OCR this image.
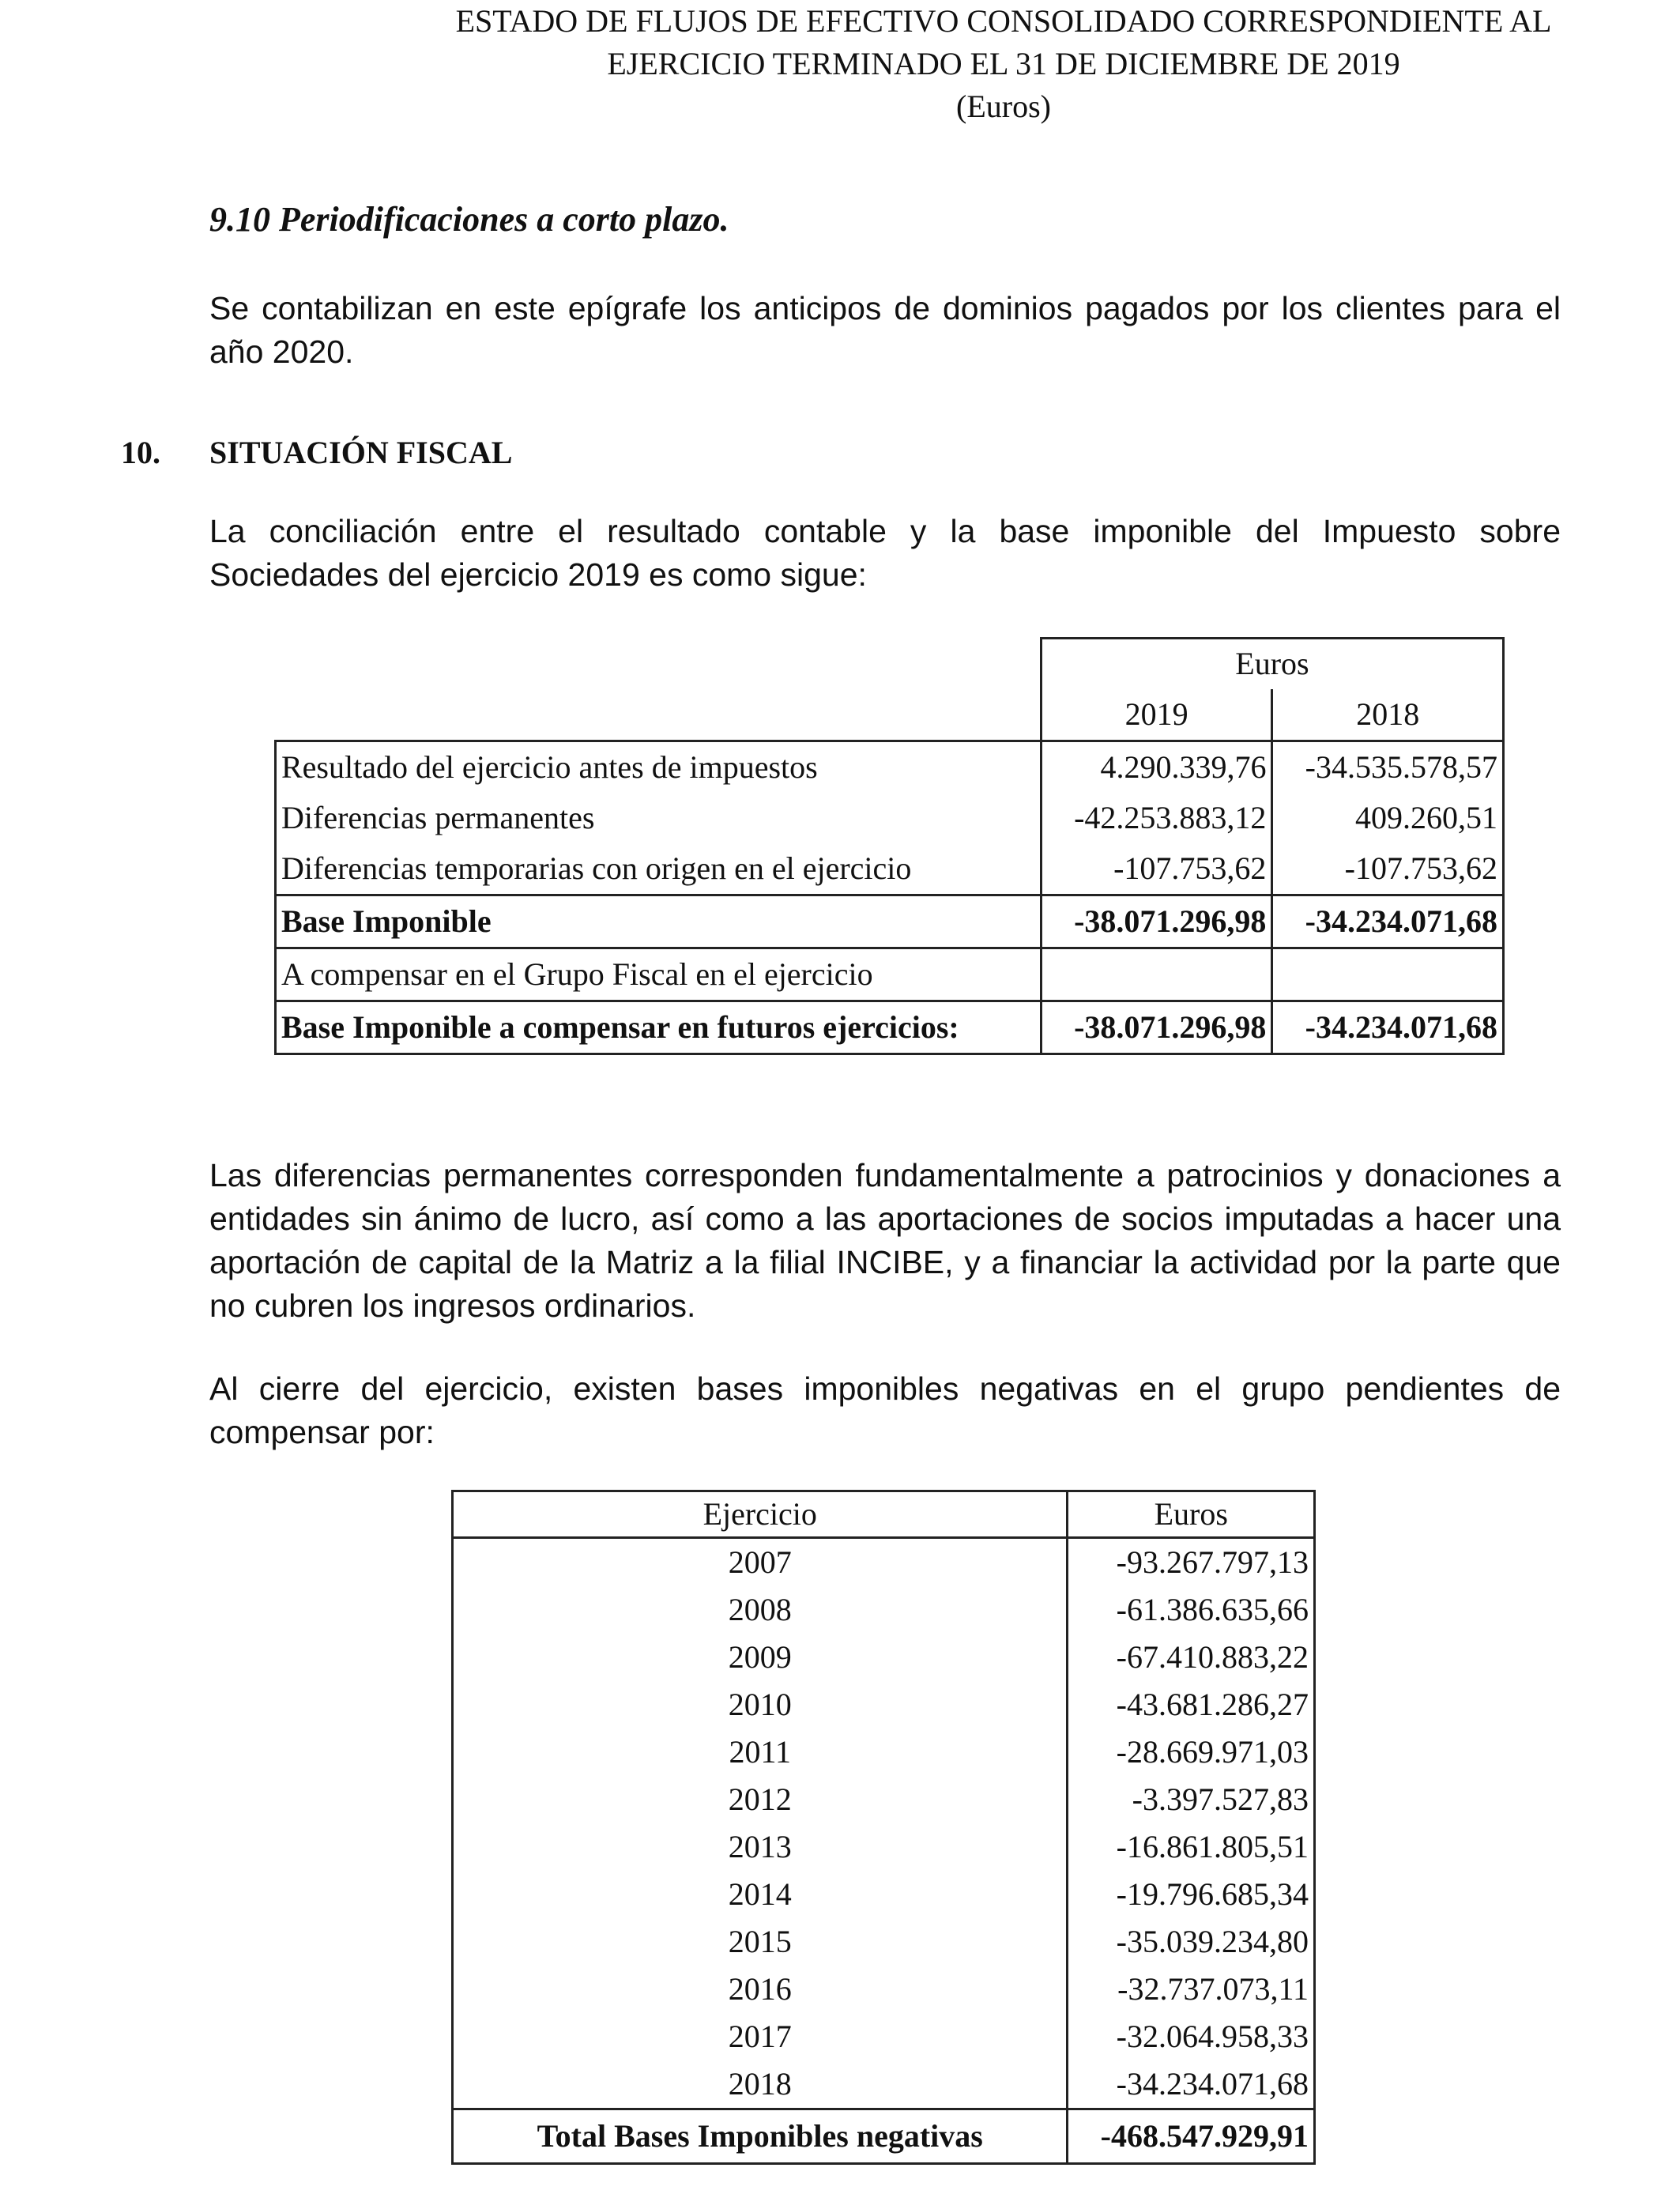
ESTADO DE FLUJOS DE EFECTIVO CONSOLIDADO CORRESPONDIENTE AL
EJERCICIO TERMINADO EL 31 DE DICIEMBRE DE 2019
(Euros)
9.10 Periodificaciones a corto plazo.
Se contabilizan en este epígrafe los anticipos de dominios pagados por los clientes para el año 2020.
10. SITUACIÓN FISCAL
La conciliación entre el resultado contable y la base imponible del Impuesto sobre Sociedades del ejercicio 2019 es como sigue:
	Euros	
	2019	2018
Resultado del ejercicio antes de impuestos	4.290.339,76	-34.535.578,57
Diferencias permanentes	-42.253.883,12	409.260,51
Diferencias temporarias con origen en el ejercicio	-107.753,62	-107.753,62
Base Imponible	-38.071.296,98	-34.234.071,68
A compensar en el Grupo Fiscal en el ejercicio		
Base Imponible a compensar en futuros ejercicios:	-38.071.296,98	-34.234.071,68
Las diferencias permanentes corresponden fundamentalmente a patrocinios y donaciones a entidades sin ánimo de lucro, así como a las aportaciones de socios imputadas a hacer una aportación de capital de la Matriz a la filial INCIBE, y a financiar la actividad por la parte que no cubren los ingresos ordinarios.
Al cierre del ejercicio, existen bases imponibles negativas en el grupo pendientes de compensar por:
Ejercicio	Euros
2007	-93.267.797,13
2008	-61.386.635,66
2009	-67.410.883,22
2010	-43.681.286,27
2011	-28.669.971,03
2012	-3.397.527,83
2013	-16.861.805,51
2014	-19.796.685,34
2015	-35.039.234,80
2016	-32.737.073,11
2017	-32.064.958,33
2018	-34.234.071,68
Total Bases Imponibles negativas	-468.547.929,91
